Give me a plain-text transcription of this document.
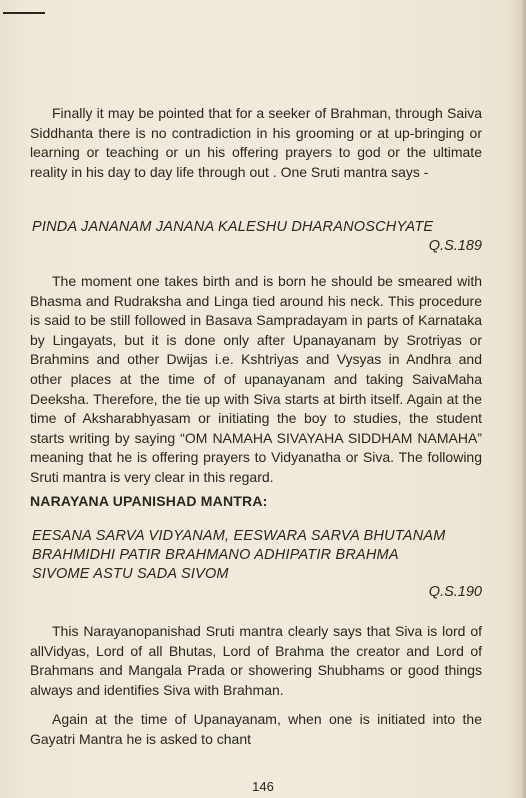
Finally it may be pointed that for a seeker of Brahman, through Saiva Siddhanta there is no contradiction in his grooming or at up-bringing or learning or teaching or un his offering prayers to god or the ultimate reality in his day to day life through out . One Sruti mantra says -

PINDA JANANAM JANANA KALESHU DHARANOSCHYATE

Q.S.189

The moment one takes birth and is born he should be smeared with Bhasma and Rudraksha and Linga tied around his neck. This procedure is said to be still followed in Basava Sampradayam in parts of Karnataka by Lingayats, but it is done only after Upanayanam by Srotriyas or Brahmins and other Dwijas i.e. Kshtriyas and Vysyas in Andhra and other places at the time of of upanayanam and taking SaivaMaha Deeksha. Therefore, the tie up with Siva starts at birth itself. Again at the time of Aksharabhyasam or initiating the boy to studies, the student starts writing by saying “OM NAMAHA SIVAYAHA SIDDHAM NAMAHA” meaning that he is offering prayers to Vidyanatha or Siva. The following Sruti mantra is very clear in this regard.

NARAYANA UPANISHAD MANTRA:

EESANA SARVA VIDYANAM, EESWARA SARVA BHUTANAM

BRAHMIDHI PATIR BRAHMANO ADHIPATIR BRAHMA

SIVOME ASTU SADA SIVOM

Q.S.190

This Narayanopanishad Sruti mantra clearly says that Siva is lord of allVidyas, Lord of all Bhutas, Lord of Brahma the creator and Lord of Brahmans and Mangala Prada or showering Shubhams or good things always and identifies Siva with Brahman.

Again at the time of Upanayanam, when one is initiated into the Gayatri Mantra he is asked to chant

146
